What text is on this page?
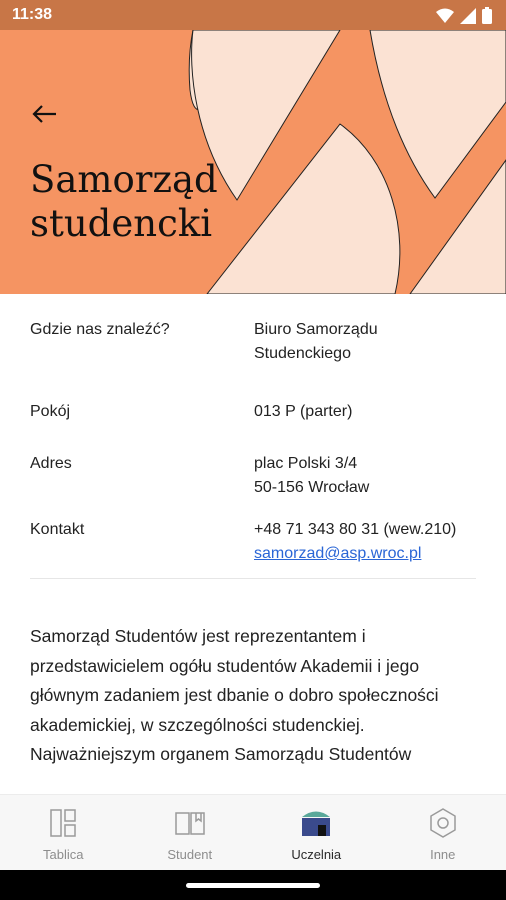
11:38
Samorząd studencki
Gdzie nas znaleźć?	Biuro Samorządu Studenckiego
Pokój	013 P (parter)
Adres	plac Polski 3/4
50-156 Wrocław
Kontakt	+48 71 343 80 31 (wew.210)
samorzad@asp.wroc.pl
Samorząd Studentów jest reprezentantem i przedstawicielem ogółu studentów Akademii i jego głównym zadaniem jest dbanie o dobro społeczności akademickiej, w szczególności studenckiej. Najważniejszym organem Samorządu Studentów
Tablica	Student	Uczelnia	Inne
